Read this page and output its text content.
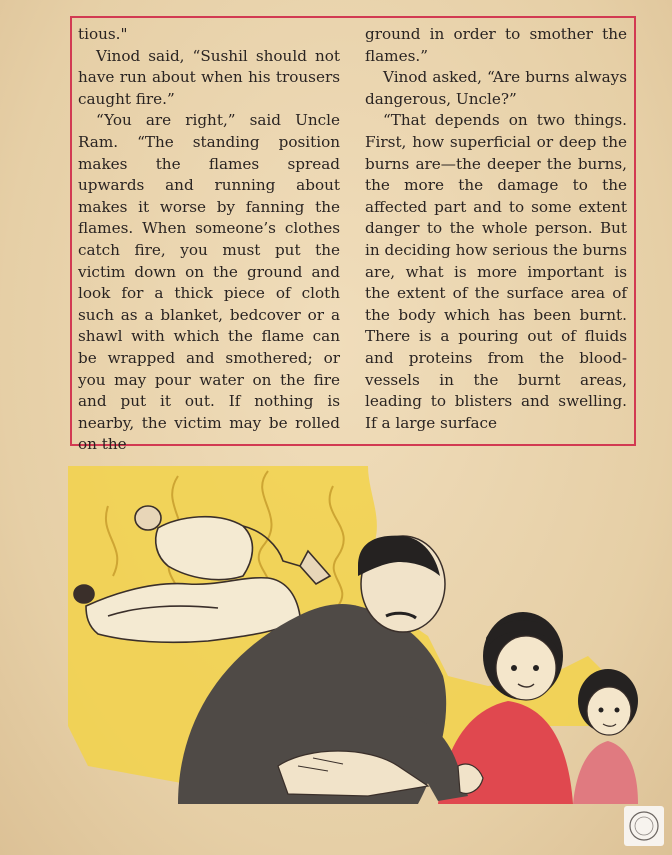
tious."

Vinod said, “Sushil should not have run about when his trousers caught fire.”

“You are right,” said Uncle Ram. “The standing position makes the flames spread upwards and running about makes it worse by fanning the flames. When someone’s clothes catch fire, you must put the victim down on the ground and look for a thick piece of cloth such as a blanket, bedcover or a shawl with which the flame can be wrapped and smothered; or you may pour water on the fire and put it out. If nothing is nearby, the victim may be rolled on the

ground in order to smother the flames.”

Vinod asked, “Are burns always dangerous, Uncle?”

“That depends on two things. First, how superficial or deep the burns are—the deeper the burns, the more the damage to the affected part and to some extent danger to the whole person. But in deciding how serious the burns are, what is more important is the extent of the surface area of the body which has been burnt. There is a pouring out of fluids and proteins from the blood-vessels in the burnt areas, leading to blisters and swelling. If a large surface
